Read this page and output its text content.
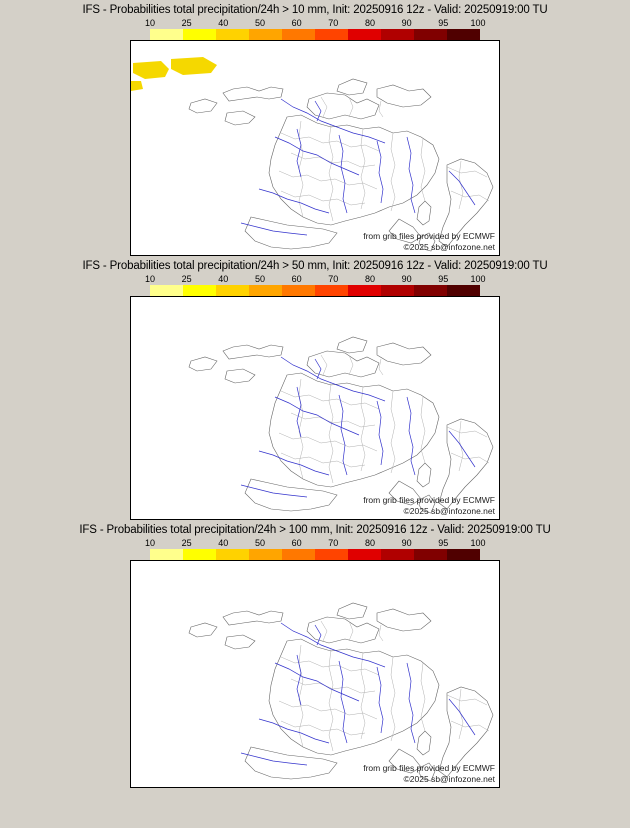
IFS - Probabilities total precipitation/24h > 10 mm, Init: 20250916 12z - Valid: 20250919:00 TU
10	25	40	50	60	70	80	90	95 100
from grib files provided by ECMWF
©2025 sb@infozone.net
IFS - Probabilities total precipitation/24h > 50 mm, Init: 20250916 12z - Valid: 20250919:00 TU
10	25	40	50	60	70	80	90	95 100
from grib files provided by ECMWF
©2025 sb@infozone.net
IFS - Probabilities total precipitation/24h > 100 mm, Init: 20250916 12z - Valid: 20250919:00 TU
10	25	40	50	60	70	80	90	95 100
from grib files provided by ECMWF
©2025 sb@infozone.net
